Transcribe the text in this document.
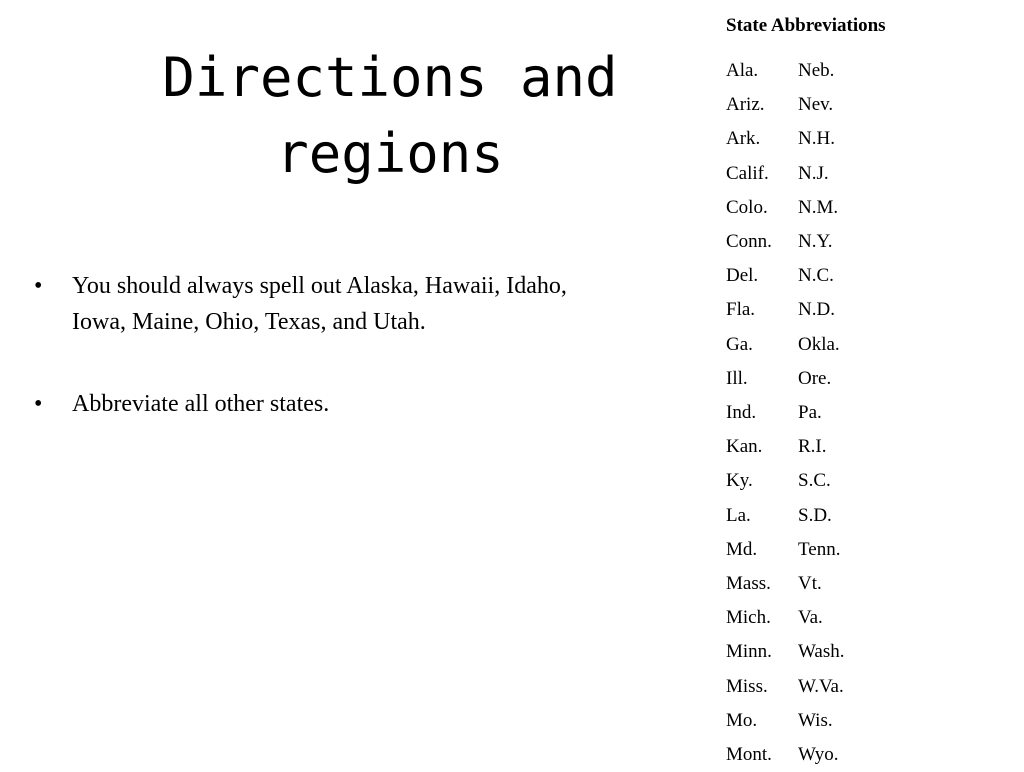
Directions and
regions
• You should always spell out Alaska, Hawaii, Idaho, Iowa, Maine, Ohio, Texas, and Utah.
• Abbreviate all other states.
State Abbreviations
Ala.	Neb.
Ariz.	Nev.
Ark.	N.H.
Calif.	N.J.
Colo.	N.M.
Conn.	N.Y.
Del.	N.C.
Fla.	N.D.
Ga.	Okla.
Ill.	Ore.
Ind.	Pa.
Kan.	R.I.
Ky.	S.C.
La.	S.D.
Md.	Tenn.
Mass.	Vt.
Mich.	Va.
Minn.	Wash.
Miss.	W.Va.
Mo.	Wis.
Mont.	Wyo.
